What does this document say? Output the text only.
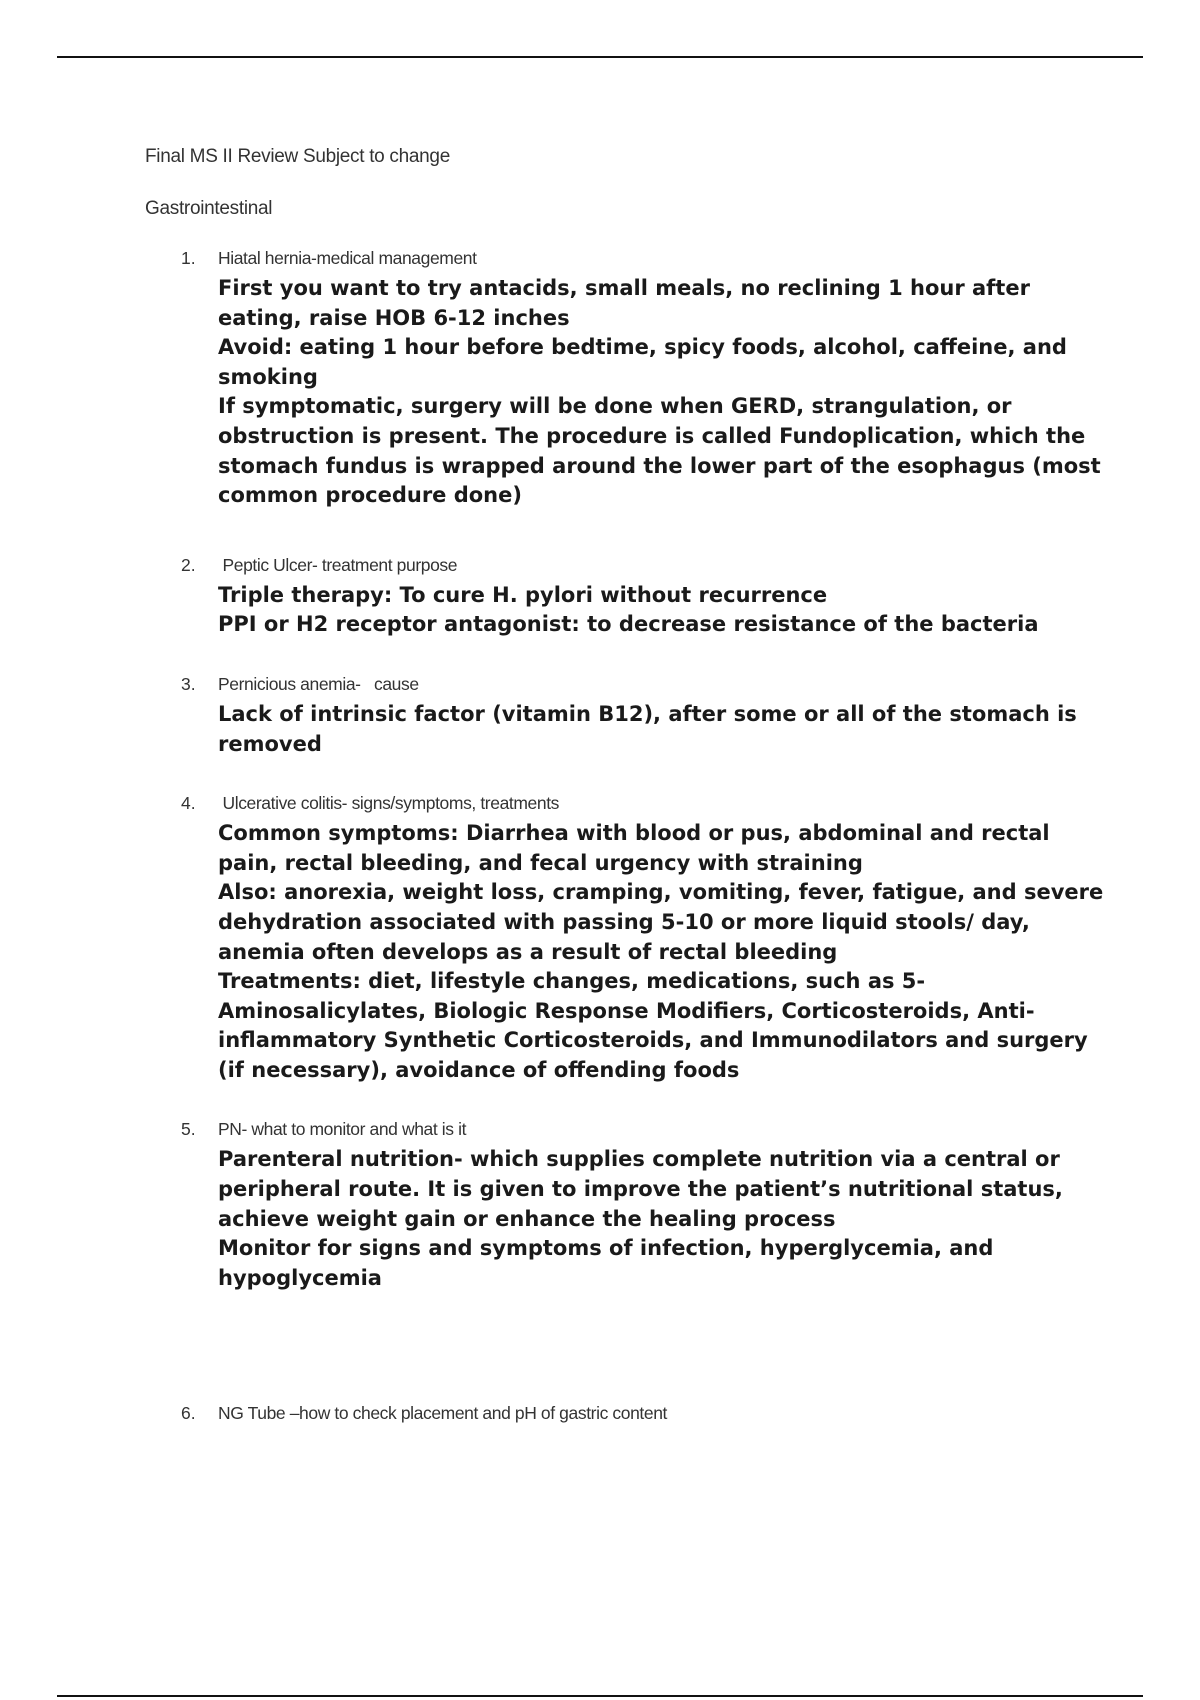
Final MS II Review Subject to change
Gastrointestinal
1. Hiatal hernia-medical management

First you want to try antacids, small meals, no reclining 1 hour after eating, raise HOB 6-12 inches

Avoid: eating 1 hour before bedtime, spicy foods, alcohol, caffeine, and smoking

If symptomatic, surgery will be done when GERD, strangulation, or obstruction is present. The procedure is called Fundoplication, which the stomach fundus is wrapped around the lower part of the esophagus (most common procedure done)

2. Peptic Ulcer- treatment purpose

Triple therapy: To cure H. pylori without recurrence

PPI or H2 receptor antagonist: to decrease resistance of the bacteria

3. Pernicious anemia-   cause

Lack of intrinsic factor (vitamin B12), after some or all of the stomach is removed

4. Ulcerative colitis- signs/symptoms, treatments

Common symptoms: Diarrhea with blood or pus, abdominal and rectal pain, rectal bleeding, and fecal urgency with straining

Also: anorexia, weight loss, cramping, vomiting, fever, fatigue, and severe dehydration associated with passing 5-10 or more liquid stools/ day, anemia often develops as a result of rectal bleeding

Treatments: diet, lifestyle changes, medications, such as 5-Aminosalicylates, Biologic Response Modifiers, Corticosteroids, Anti-inflammatory Synthetic Corticosteroids, and Immunodilators and surgery (if necessary), avoidance of offending foods

5. PN- what to monitor and what is it

Parenteral nutrition- which supplies complete nutrition via a central or peripheral route. It is given to improve the patient’s nutritional status, achieve weight gain or enhance the healing process

Monitor for signs and symptoms of infection, hyperglycemia, and hypoglycemia

6. NG Tube –how to check placement and pH of gastric content
